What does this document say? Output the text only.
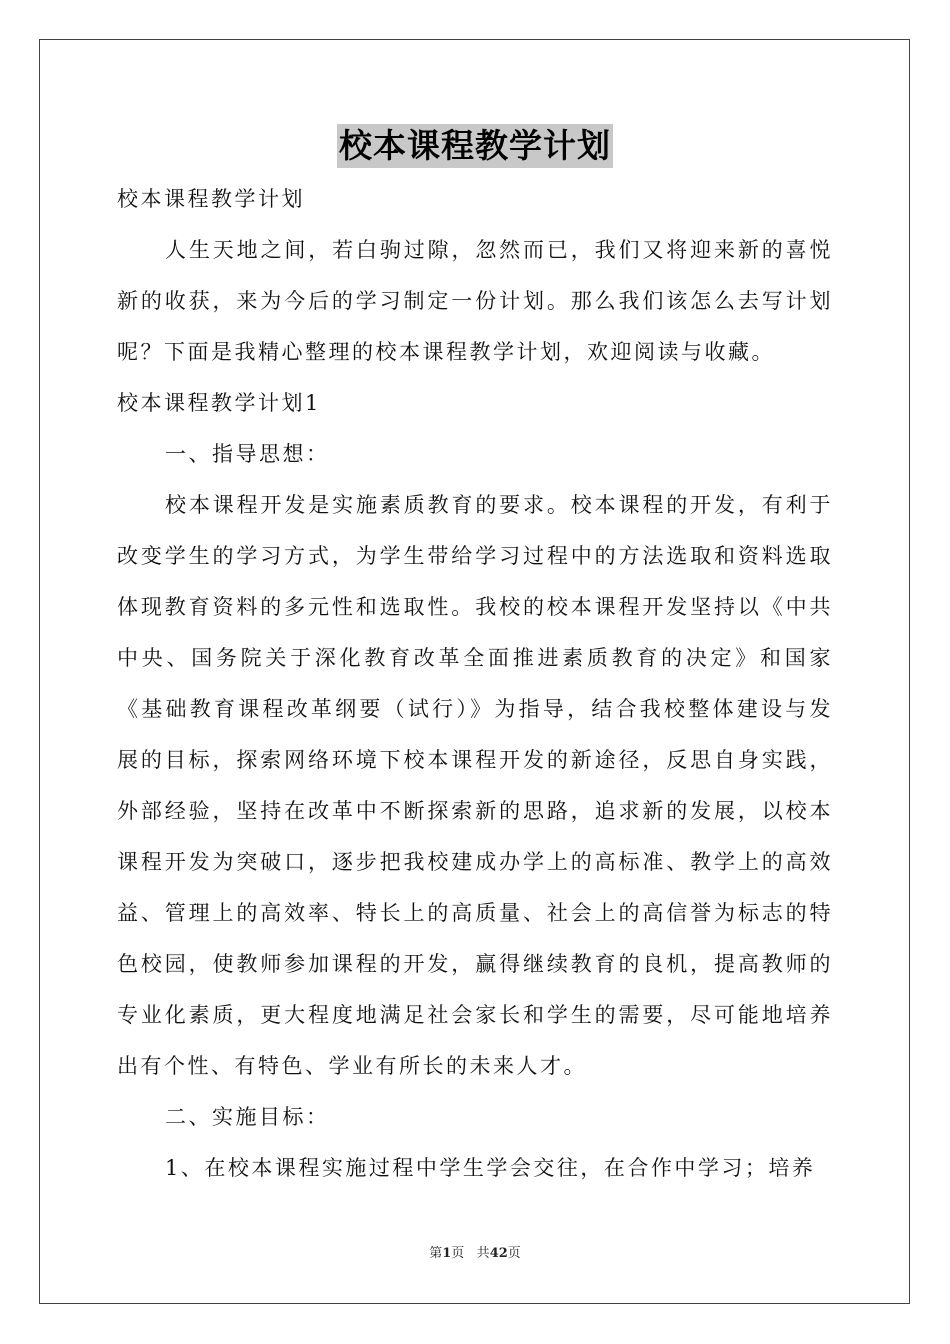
校本课程教学计划

校本课程教学计划

人生天地之间，若白驹过隙，忽然而已，我们又将迎来新的喜悦新的收获，来为今后的学习制定一份计划。那么我们该怎么去写计划呢？下面是我精心整理的校本课程教学计划，欢迎阅读与收藏。

校本课程教学计划1

一、指导思想：

校本课程开发是实施素质教育的要求。校本课程的开发，有利于改变学生的学习方式，为学生带给学习过程中的方法选取和资料选取体现教育资料的多元性和选取性。我校的校本课程开发坚持以《中共中央、国务院关于深化教育改革全面推进素质教育的决定》和国家《基础教育课程改革纲要（试行）》为指导，结合我校整体建设与发展的目标，探索网络环境下校本课程开发的新途径，反思自身实践，外部经验，坚持在改革中不断探索新的思路，追求新的发展，以校本课程开发为突破口，逐步把我校建成办学上的高标准、教学上的高效益、管理上的高效率、特长上的高质量、社会上的高信誉为标志的特色校园，使教师参加课程的开发，赢得继续教育的良机，提高教师的专业化素质，更大程度地满足社会家长和学生的需要，尽可能地培养出有个性、有特色、学业有所长的未来人才。

二、实施目标：

1、在校本课程实施过程中学生学会交往，在合作中学习；培养

第1页 共42页
